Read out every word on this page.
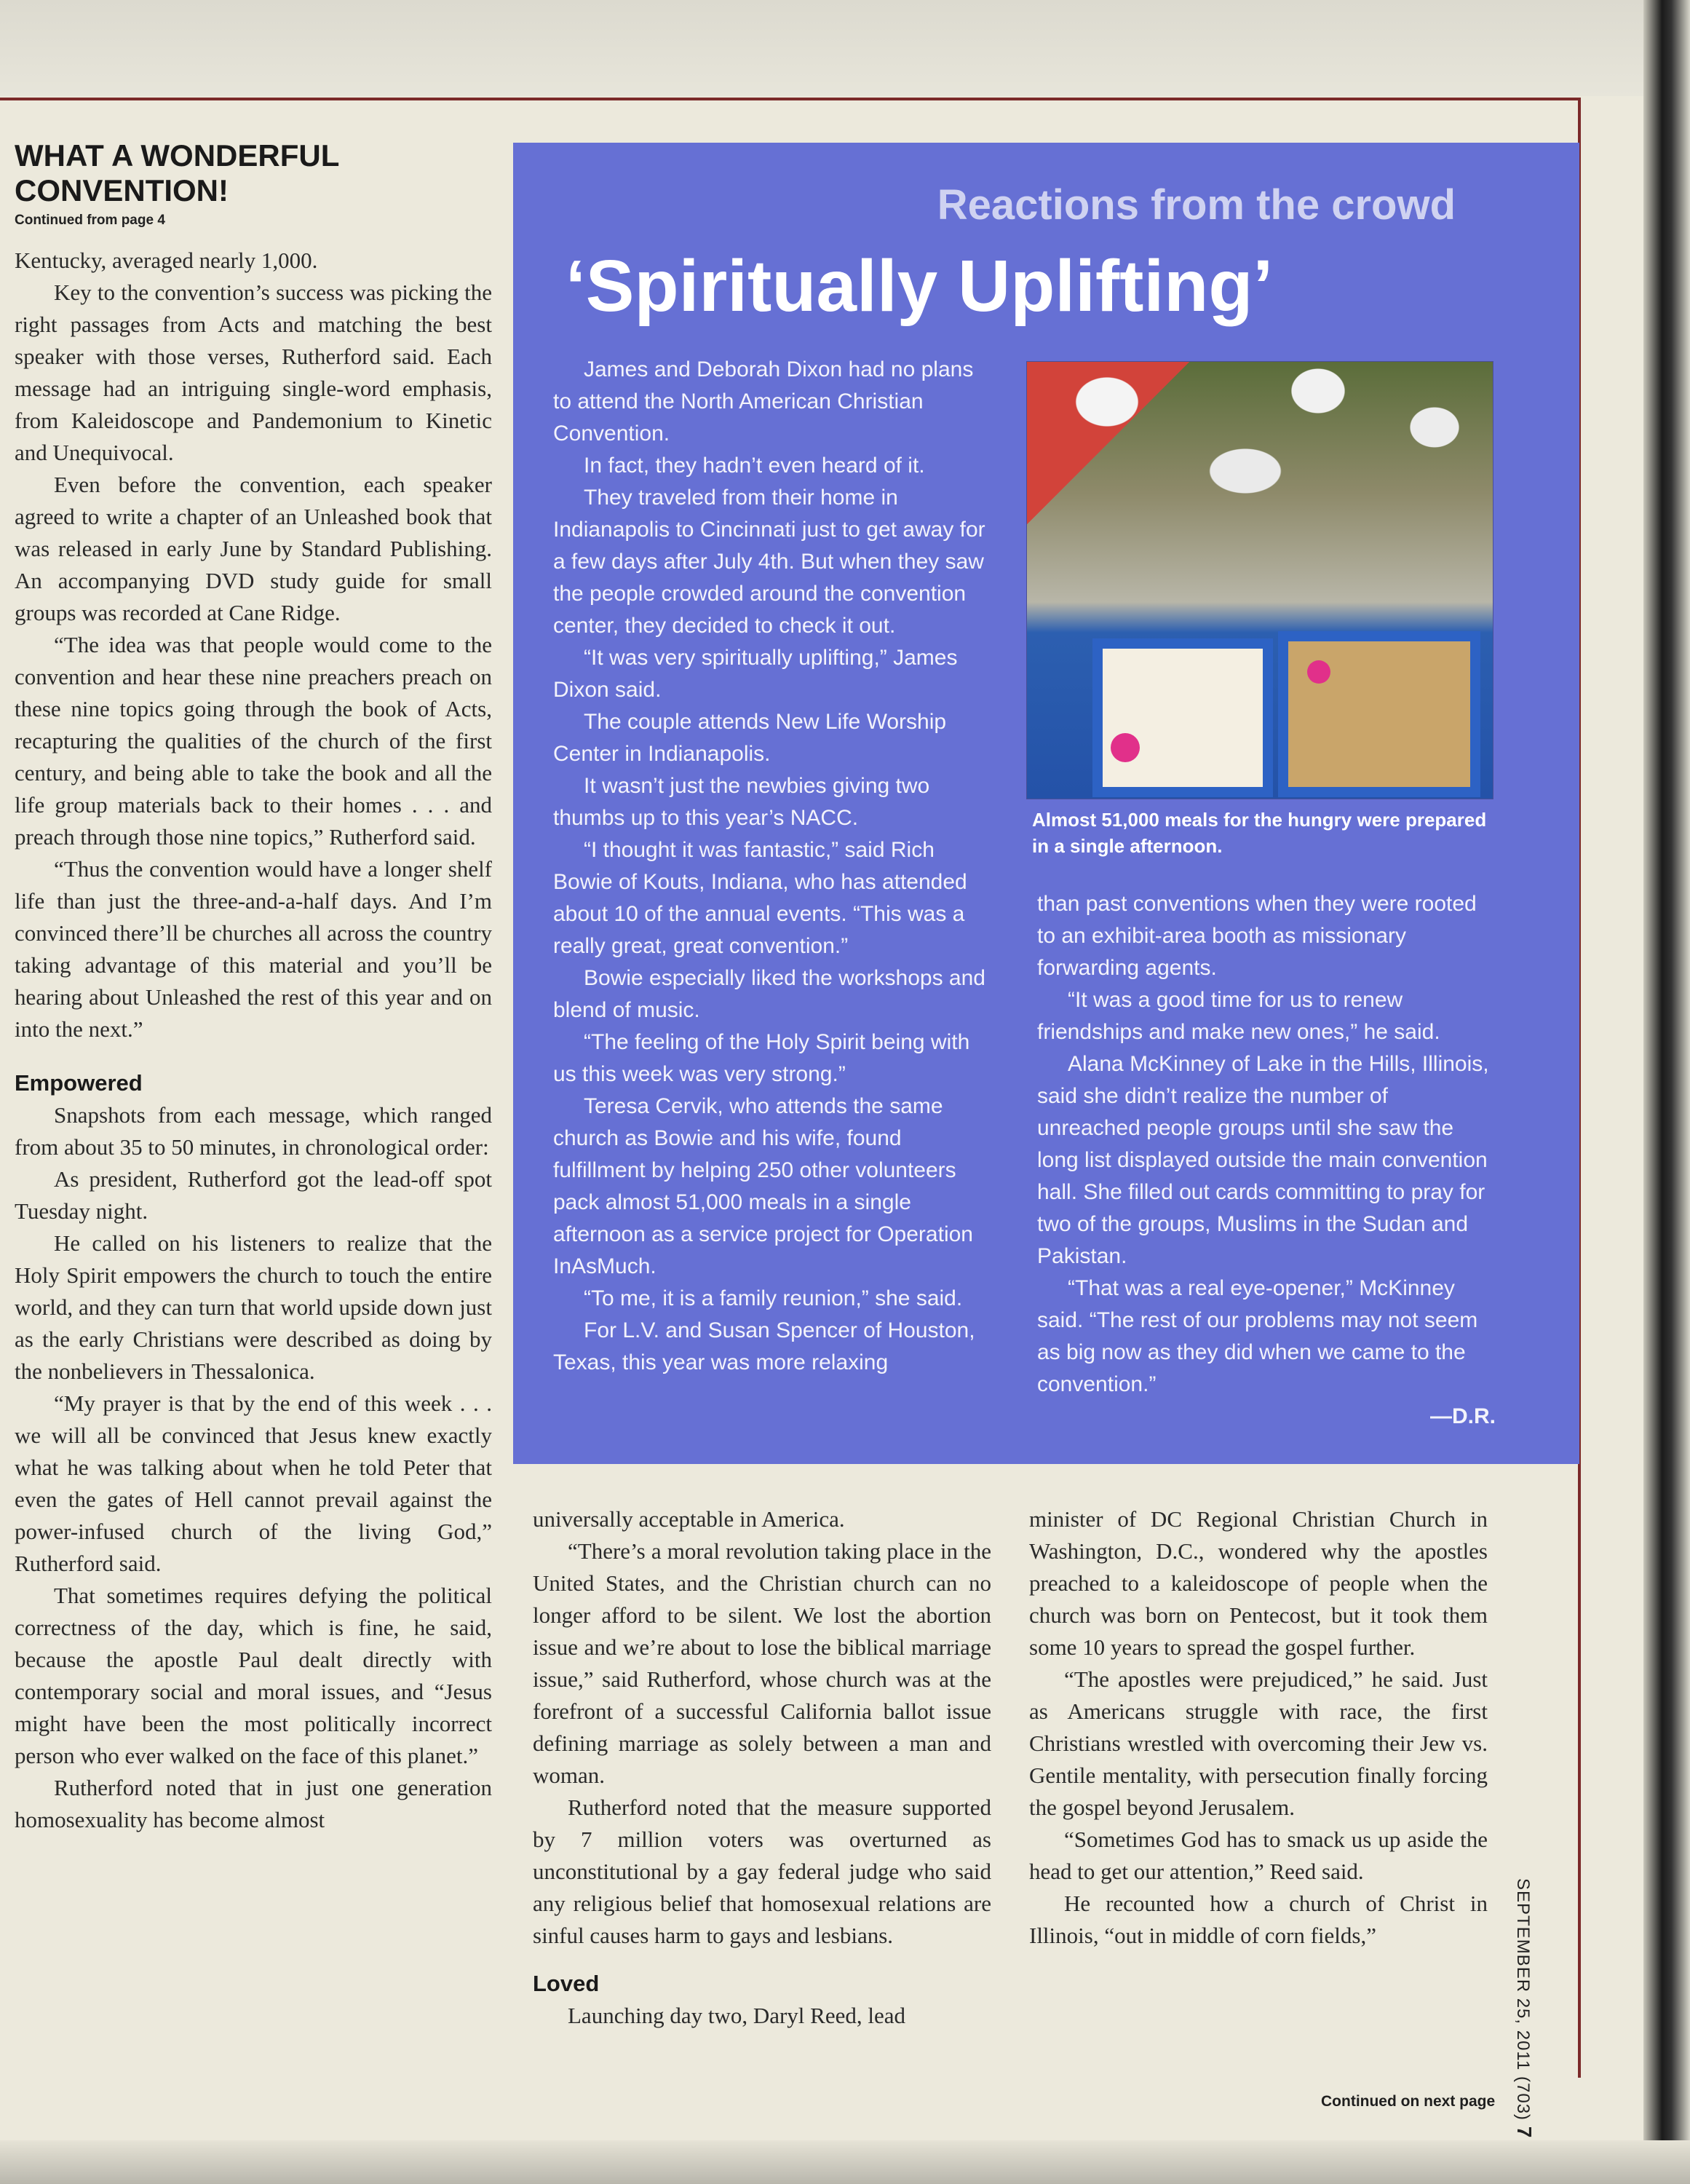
WHAT A WONDERFUL
CONVENTION!
Continued from page 4

Kentucky, averaged nearly 1,000.

Key to the convention’s success was picking the right passages from Acts and matching the best speaker with those verses, Rutherford said. Each message had an intriguing single-word emphasis, from Kaleidoscope and Pandemonium to Kinetic and Unequivocal.

Even before the convention, each speaker agreed to write a chapter of an Unleashed book that was released in early June by Standard Publishing. An accompanying DVD study guide for small groups was recorded at Cane Ridge.

“The idea was that people would come to the convention and hear these nine preachers preach on these nine topics going through the book of Acts, recapturing the qualities of the church of the first century, and being able to take the book and all the life group materials back to their homes . . . and preach through those nine topics,” Rutherford said.

“Thus the convention would have a longer shelf life than just the three-and-a-half days. And I’m convinced there’ll be churches all across the country taking advantage of this material and you’ll be hearing about Unleashed the rest of this year and on into the next.”

Empowered

Snapshots from each message, which ranged from about 35 to 50 minutes, in chronological order:

As president, Rutherford got the lead-off spot Tuesday night.

He called on his listeners to realize that the Holy Spirit empowers the church to touch the entire world, and they can turn that world upside down just as the early Christians were described as doing by the nonbelievers in Thessalonica.

“My prayer is that by the end of this week . . . we will all be convinced that Jesus knew exactly what he was talking about when he told Peter that even the gates of Hell cannot prevail against the power-infused church of the living God,” Rutherford said.

That sometimes requires defying the political correctness of the day, which is fine, he said, because the apostle Paul dealt directly with contemporary social and moral issues, and “Jesus might have been the most politically incorrect person who ever walked on the face of this planet.”

Rutherford noted that in just one generation homosexuality has become almost

Reactions from the crowd
‘Spiritually Uplifting’

James and Deborah Dixon had no plans to attend the North American Christian Convention.

In fact, they hadn’t even heard of it.

They traveled from their home in Indianapolis to Cincinnati just to get away for a few days after July 4th. But when they saw the people crowded around the convention center, they decided to check it out.

“It was very spiritually uplifting,” James Dixon said.

The couple attends New Life Worship Center in Indianapolis.

It wasn’t just the newbies giving two thumbs up to this year’s NACC.

“I thought it was fantastic,” said Rich Bowie of Kouts, Indiana, who has attended about 10 of the annual events. “This was a really great, great convention.”

Bowie especially liked the workshops and blend of music.

“The feeling of the Holy Spirit being with us this week was very strong.”

Teresa Cervik, who attends the same church as Bowie and his wife, found fulfillment by helping 250 other volunteers pack almost 51,000 meals in a single afternoon as a service project for Operation InAsMuch.

“To me, it is a family reunion,” she said.

For L.V. and Susan Spencer of Houston, Texas, this year was more relaxing

Almost 51,000 meals for the hungry were prepared in a single afternoon.

than past conventions when they were rooted to an exhibit-area booth as missionary forwarding agents.

“It was a good time for us to renew friendships and make new ones,” he said.

Alana McKinney of Lake in the Hills, Illinois, said she didn’t realize the number of unreached people groups until she saw the long list displayed outside the main convention hall. She filled out cards committing to pray for two of the groups, Muslims in the Sudan and Pakistan.

“That was a real eye-opener,” McKinney said. “The rest of our problems may not seem as big now as they did when we came to the convention.”

—D.R.

universally acceptable in America.

“There’s a moral revolution taking place in the United States, and the Christian church can no longer afford to be silent. We lost the abortion issue and we’re about to lose the biblical marriage issue,” said Rutherford, whose church was at the forefront of a successful California ballot issue defining marriage as solely between a man and woman.

Rutherford noted that the measure supported by 7 million voters was overturned as unconstitutional by a gay federal judge who said any religious belief that homosexual relations are sinful causes harm to gays and lesbians.

Loved

Launching day two, Daryl Reed, lead

minister of DC Regional Christian Church in Washington, D.C., wondered why the apostles preached to a kaleidoscope of people when the church was born on Pentecost, but it took them some 10 years to spread the gospel further.

“The apostles were prejudiced,” he said. Just as Americans struggle with race, the first Christians wrestled with overcoming their Jew vs. Gentile mentality, with persecution finally forcing the gospel beyond Jerusalem.

“Sometimes God has to smack us up aside the head to get our attention,” Reed said.

He recounted how a church of Christ in Illinois, “out in middle of corn fields,”

Continued on next page	SEPTEMBER 25, 2011 (703) 7
